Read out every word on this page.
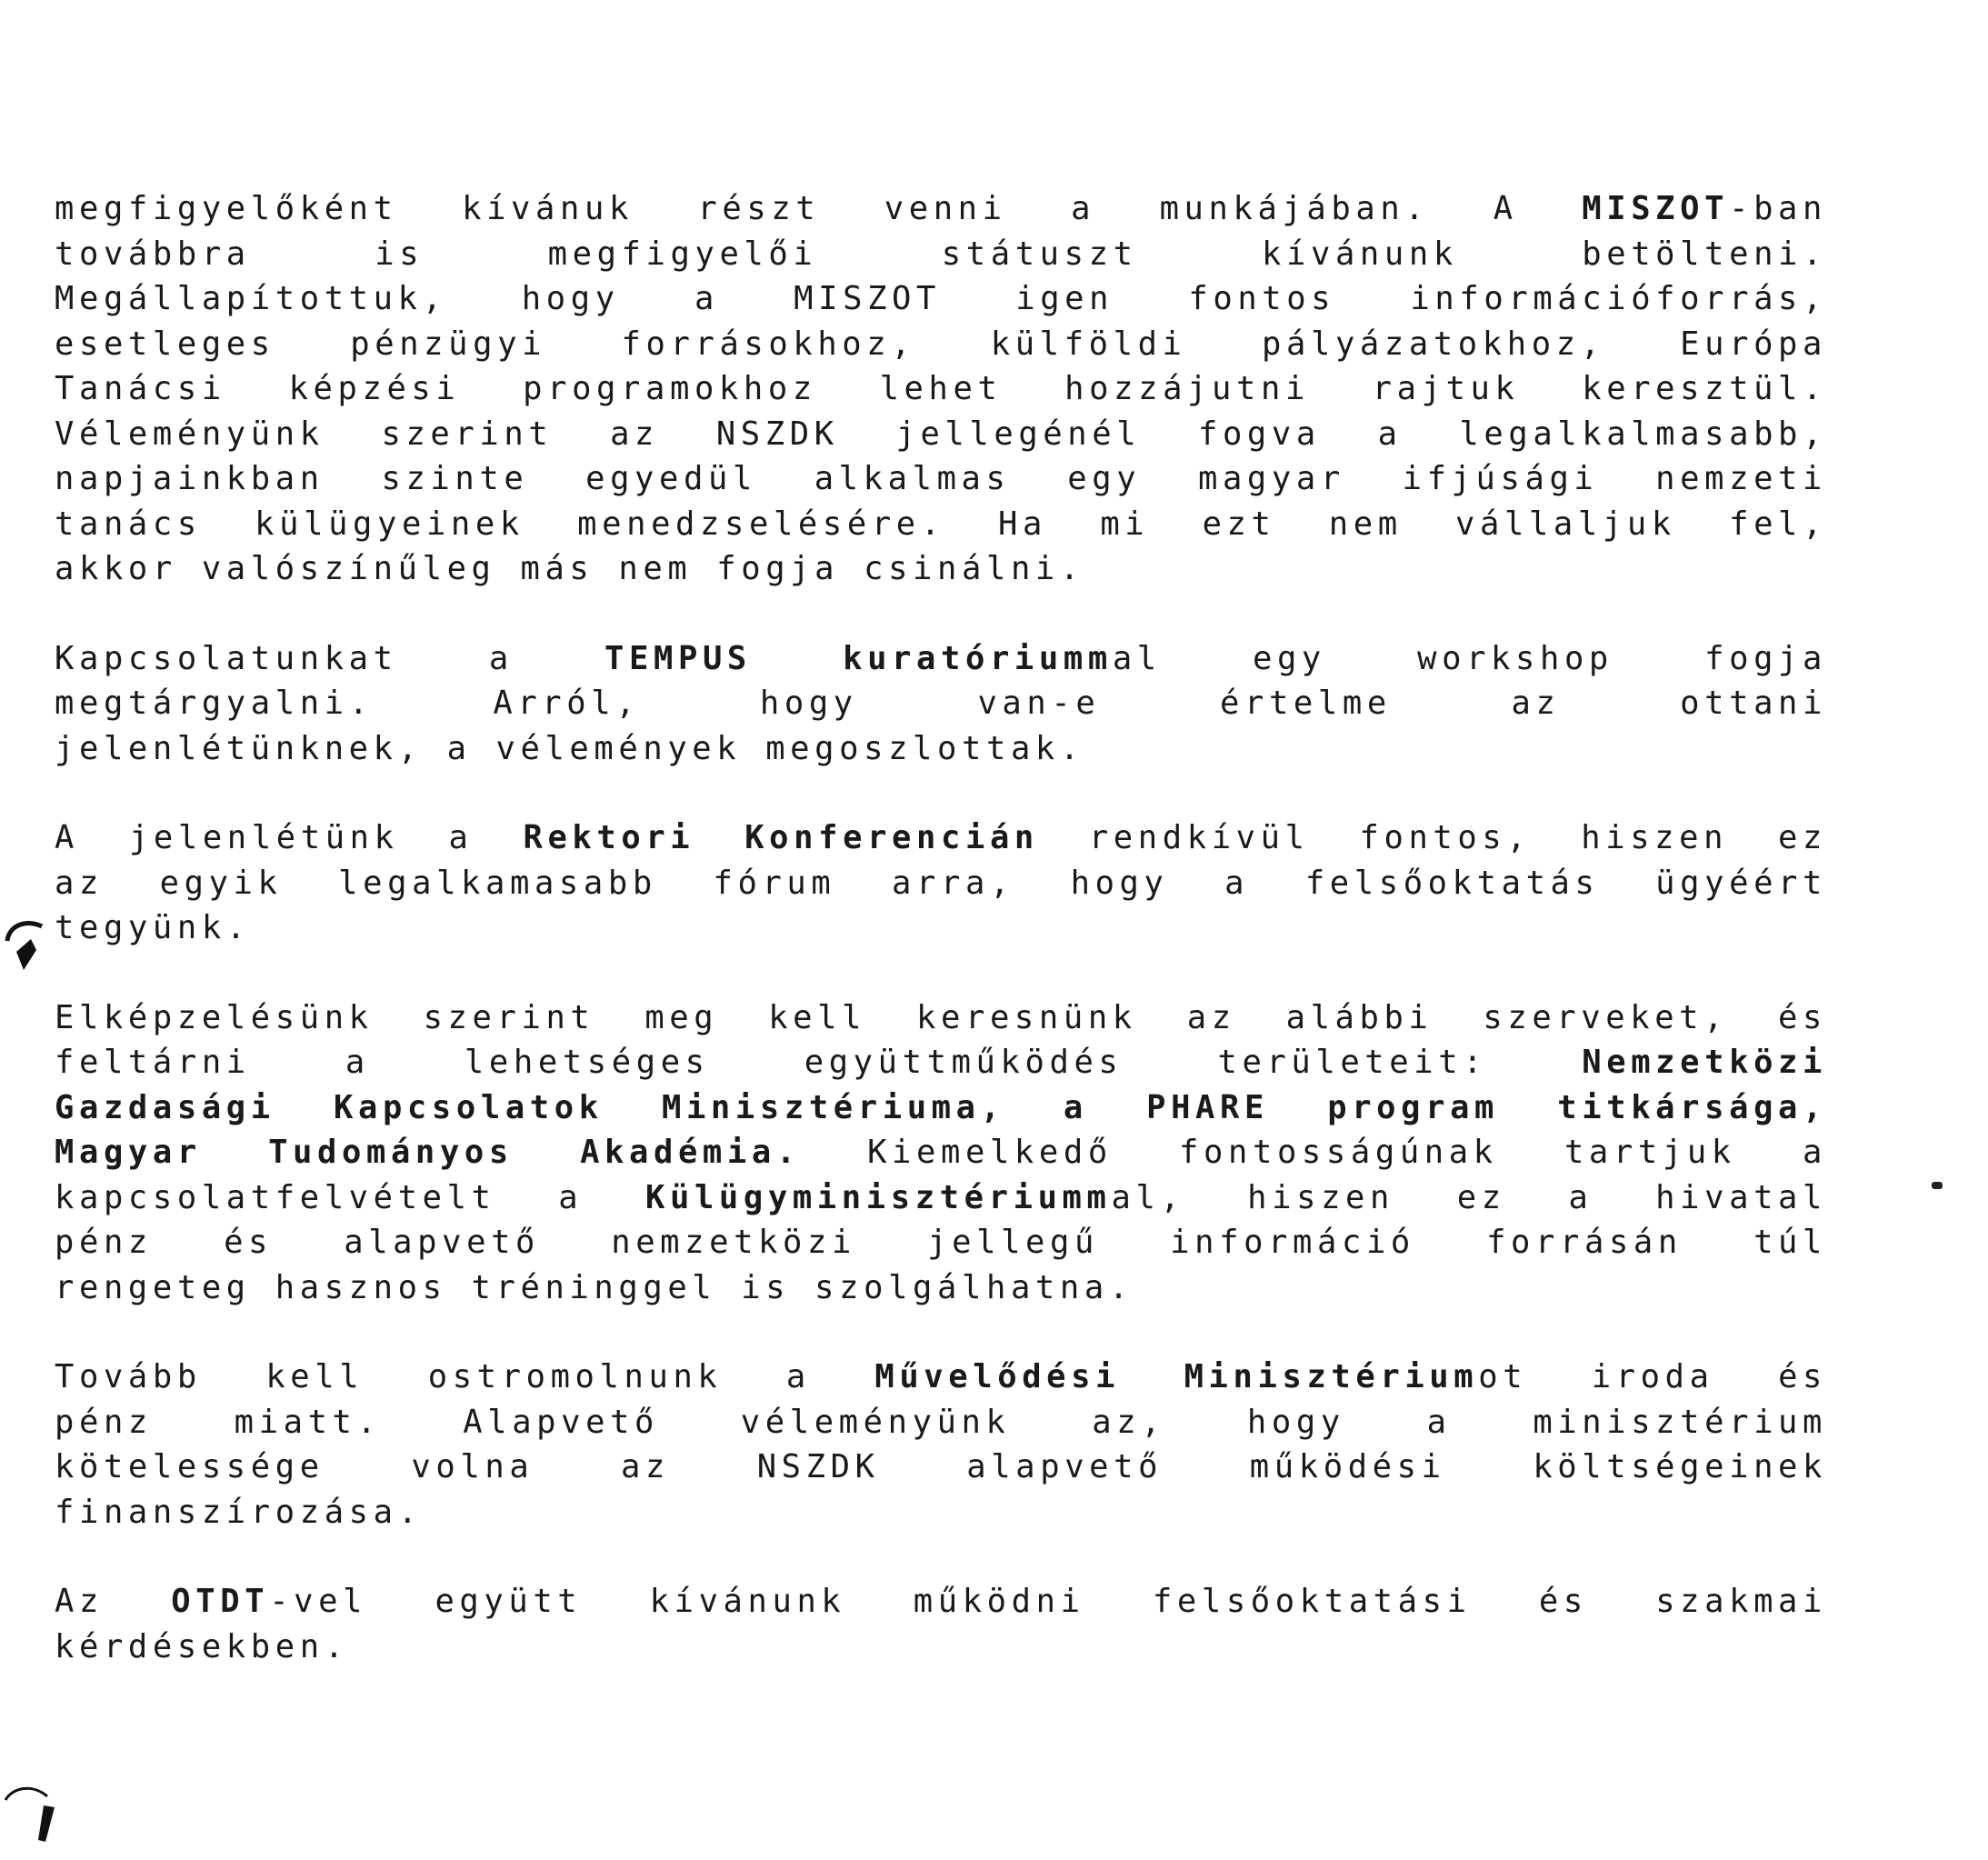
megfigyelőként kívánuk részt venni a munkájában. A MISZOT-ban
továbbra is megfigyelői státuszt kívánunk betölteni.
Megállapítottuk, hogy a MISZOT igen fontos információforrás,
esetleges pénzügyi forrásokhoz, külföldi pályázatokhoz, Európa
Tanácsi képzési programokhoz lehet hozzájutni rajtuk keresztül.
Véleményünk szerint az NSZDK jellegénél fogva a legalkalmasabb,
napjainkban szinte egyedül alkalmas egy magyar ifjúsági nemzeti
tanács külügyeinek menedzselésére. Ha mi ezt nem vállaljuk fel,
akkor valószínűleg más nem fogja csinálni.
Kapcsolatunkat a TEMPUS kuratóriummal egy workshop fogja
megtárgyalni. Arról, hogy van-e értelme az ottani
jelenlétünknek, a vélemények megoszlottak.
A jelenlétünk a Rektori Konferencián rendkívül fontos, hiszen ez
az egyik legalkamasabb fórum arra, hogy a felsőoktatás ügyéért
tegyünk.
Elképzelésünk szerint meg kell keresnünk az alábbi szerveket, és
feltárni a lehetséges együttműködés területeit: Nemzetközi
Gazdasági Kapcsolatok Minisztériuma, a PHARE program titkársága,
Magyar Tudományos Akadémia. Kiemelkedő fontosságúnak tartjuk a
kapcsolatfelvételt a Külügyminisztériummal, hiszen ez a hivatal
pénz és alapvető nemzetközi jellegű információ forrásán túl
rengeteg hasznos tréninggel is szolgálhatna.
Tovább kell ostromolnunk a Művelődési Minisztériumot iroda és
pénz miatt. Alapvető véleményünk az, hogy a minisztérium
kötelessége volna az NSZDK alapvető működési költségeinek
finanszírozása.
Az OTDT-vel együtt kívánunk működni felsőoktatási és szakmai
kérdésekben.
